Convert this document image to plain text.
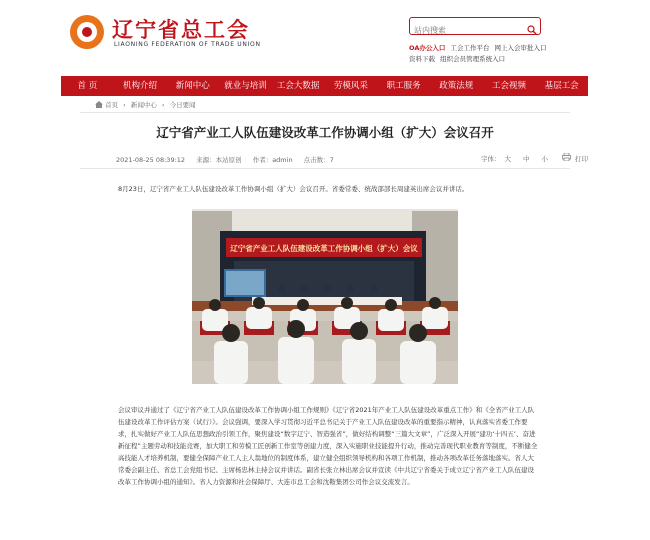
辽宁省总工会
LIAONING FEDERATION OF TRADE UNION
站内搜索	OA办公入口 工会工作平台 网上入会审批入口
资料下载 组织会员管理系统入口
首 页	机构介绍	新闻中心	就业与培训	工会大数据	劳模风采	职工服务	政策法规	工会视频	基层工会
首页 › 新闻中心 › 今日要闻
辽宁省产业工人队伍建设改革工作协调小组（扩大）会议召开
2021-08-25 08:39:12 来源：本站原创 作者：admin 点击数：7	字体： 大 中 小	打印
8月23日，辽宁省产业工人队伍建设改革工作协调小组（扩大）会议召开。省委常委、统战部部长周建英出席会议并讲话。
辽宁省产业工人队伍建设改革工作协调小组（扩大）会议
会议审议并通过了《辽宁省产业工人队伍建设改革工作协调小组工作规则》《辽宁省2021年产业工人队伍建设改革重点工作》和《全省产业工人队伍建设改革工作评估方案（试行）》。会议强调，要深入学习贯彻习近平总书记关于产业工人队伍建设改革的重要指示精神，认真落实省委工作要求，扎实做好产业工人队伍思想政治引领工作，聚焦建设“数字辽宁、智造强省”，做好结构调整“三篇大文章”，广泛深入开展“建功‘十四五’、奋进新征程”主题劳动和技能竞赛，加大职工和劳模工匠创新工作室等创建力度，深入实施职业技能提升行动，推动完善现代职业教育等制度，不断健全高技能人才培养机制，要健全保障产业工人主人翁地位的制度体系，建立健全组织领导机构和各项工作机制，推动各项改革任务落地落实。省人大常委会副主任、省总工会党组书记、主席杨忠林主持会议并讲话。副省长张立林出席会议并宣读《中共辽宁省委关于成立辽宁省产业工人队伍建设改革工作协调小组的通知》。省人力资源和社会保障厅、大连市总工会和沈鞍集团公司作会议交流发言。
